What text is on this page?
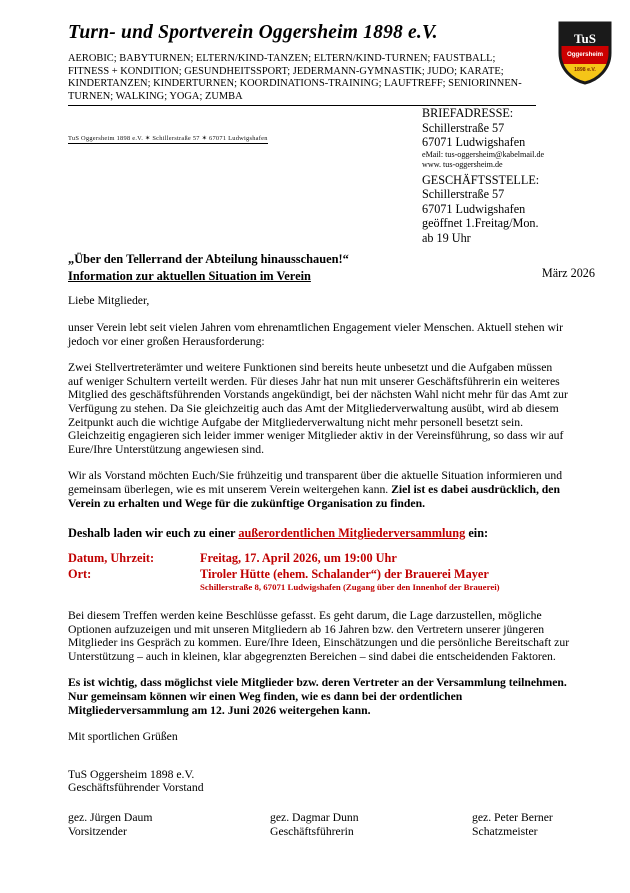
Turn- und Sportverein Oggersheim 1898 e.V.
AEROBIC; BABYTURNEN; ELTERN/KIND-TANZEN; ELTERN/KIND-TURNEN; FAUSTBALL; FITNESS + KONDITION; GESUNDHEITSSPORT; JEDERMANN-GYMNASTIK; JUDO; KARATE; KINDERTANZEN; KINDERTURNEN; KOORDINATIONS-TRAINING; LAUFTREFF; SENIORINNEN-TURNEN; WALKING; YOGA; ZUMBA
TuS
Oggersheim
1898 e.V.
TuS Oggersheim 1898 e.V. ✶ Schillerstraße 57 ✶ 67071 Ludwigshafen
BRIEFADRESSE:
Schillerstraße 57
67071 Ludwigshafen
eMail: tus-oggersheim@kabelmail.de
www. tus-oggersheim.de
GESCHÄFTSSTELLE:
Schillerstraße 57
67071 Ludwigshafen
geöffnet 1.Freitag/Mon.
ab 19 Uhr
„Über den Tellerrand der Abteilung hinausschauen!“
Information zur aktuellen Situation im Verein	März 2026

Liebe Mitglieder,

unser Verein lebt seit vielen Jahren vom ehrenamtlichen Engagement vieler Menschen. Aktuell stehen wir jedoch vor einer großen Herausforderung:

Zwei Stellvertreterämter und weitere Funktionen sind bereits heute unbesetzt und die Aufgaben müssen auf weniger Schultern verteilt werden. Für dieses Jahr hat nun mit unserer Geschäftsführerin ein weiteres Mitglied des geschäftsführenden Vorstands angekündigt, bei der nächsten Wahl nicht mehr für das Amt zur Verfügung zu stehen. Da Sie gleichzeitig auch das Amt der Mitgliederverwaltung ausübt, wird ab diesem Zeitpunkt auch die wichtige Aufgabe der Mitgliederverwaltung nicht mehr personell besetzt sein. Gleichzeitig engagieren sich leider immer weniger Mitglieder aktiv in der Vereinsführung, so dass wir auf Eure/Ihre Unterstützung angewiesen sind.

Wir als Vorstand möchten Euch/Sie frühzeitig und transparent über die aktuelle Situation informieren und gemeinsam überlegen, wie es mit unserem Verein weitergehen kann. Ziel ist es dabei ausdrücklich, den Verein zu erhalten und Wege für die zukünftige Organisation zu finden.

Deshalb laden wir euch zu einer außerordentlichen Mitgliederversammlung ein:
Datum, Uhrzeit:	Freitag, 17. April 2026, um 19:00 Uhr
Ort:	Tiroler Hütte (ehem. Schalander“) der Brauerei Mayer
Schillerstraße 8, 67071 Ludwigshafen (Zugang über den Innenhof der Brauerei)

Bei diesem Treffen werden keine Beschlüsse gefasst. Es geht darum, die Lage darzustellen, mögliche Optionen aufzuzeigen und mit unseren Mitgliedern ab 16 Jahren bzw. den Vertretern unserer jüngeren Mitglieder ins Gespräch zu kommen. Eure/Ihre Ideen, Einschätzungen und die persönliche Bereitschaft zur Unterstützung – auch in kleinen, klar abgegrenzten Bereichen – sind dabei die entscheidenden Faktoren.

Es ist wichtig, dass möglichst viele Mitglieder bzw. deren Vertreter an der Versammlung teilnehmen. Nur gemeinsam können wir einen Weg finden, wie es dann bei der ordentlichen Mitgliederversammlung am 12. Juni 2026 weitergehen kann.

Mit sportlichen Grüßen

TuS Oggersheim 1898 e.V.

Geschäftsführender Vorstand

gez. Jürgen Daum	gez. Dagmar Dunn	gez. Peter Berner
Vorsitzender	Geschäftsführerin	Schatzmeister
